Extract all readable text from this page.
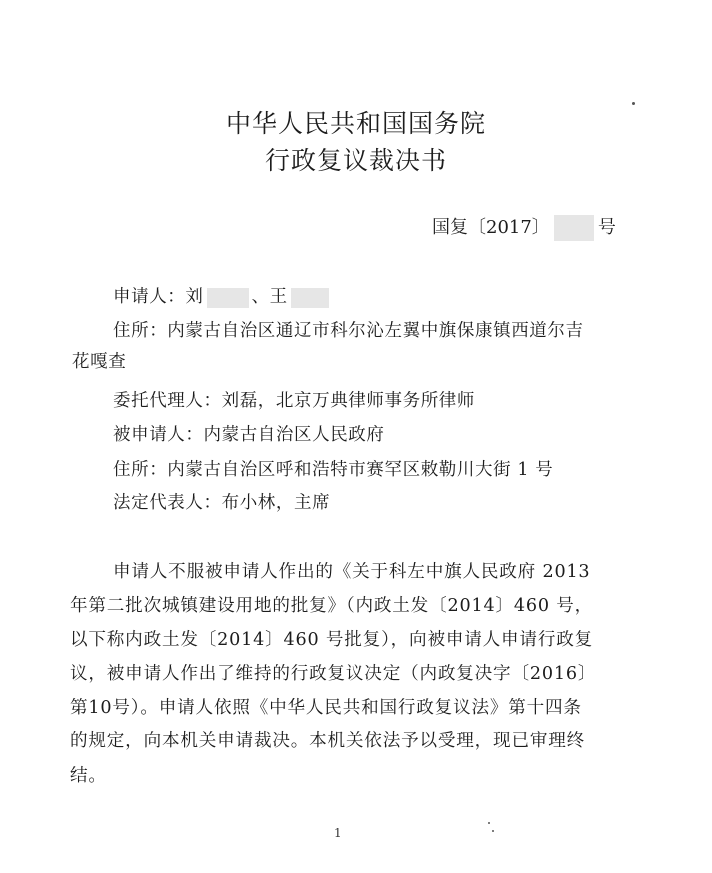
中华人民共和国国务院
行政复议裁决书
国复〔2017〕	号
申请人：刘	、王
住所：内蒙古自治区通辽市科尔沁左翼中旗保康镇西道尔吉
花嘎查
委托代理人：刘磊，北京万典律师事务所律师
被申请人：内蒙古自治区人民政府
住所：内蒙古自治区呼和浩特市赛罕区敕勒川大街 1 号
法定代表人：布小林，主席
申请人不服被申请人作出的《关于科左中旗人民政府 2013
年第二批次城镇建设用地的批复》（内政土发〔2014〕460 号，
以下称内政土发〔2014〕460 号批复），向被申请人申请行政复
议，被申请人作出了维持的行政复议决定（内政复决字〔2016〕
第10号）。申请人依照《中华人民共和国行政复议法》第十四条
的规定，向本机关申请裁决。本机关依法予以受理，现已审理终
结。
1
